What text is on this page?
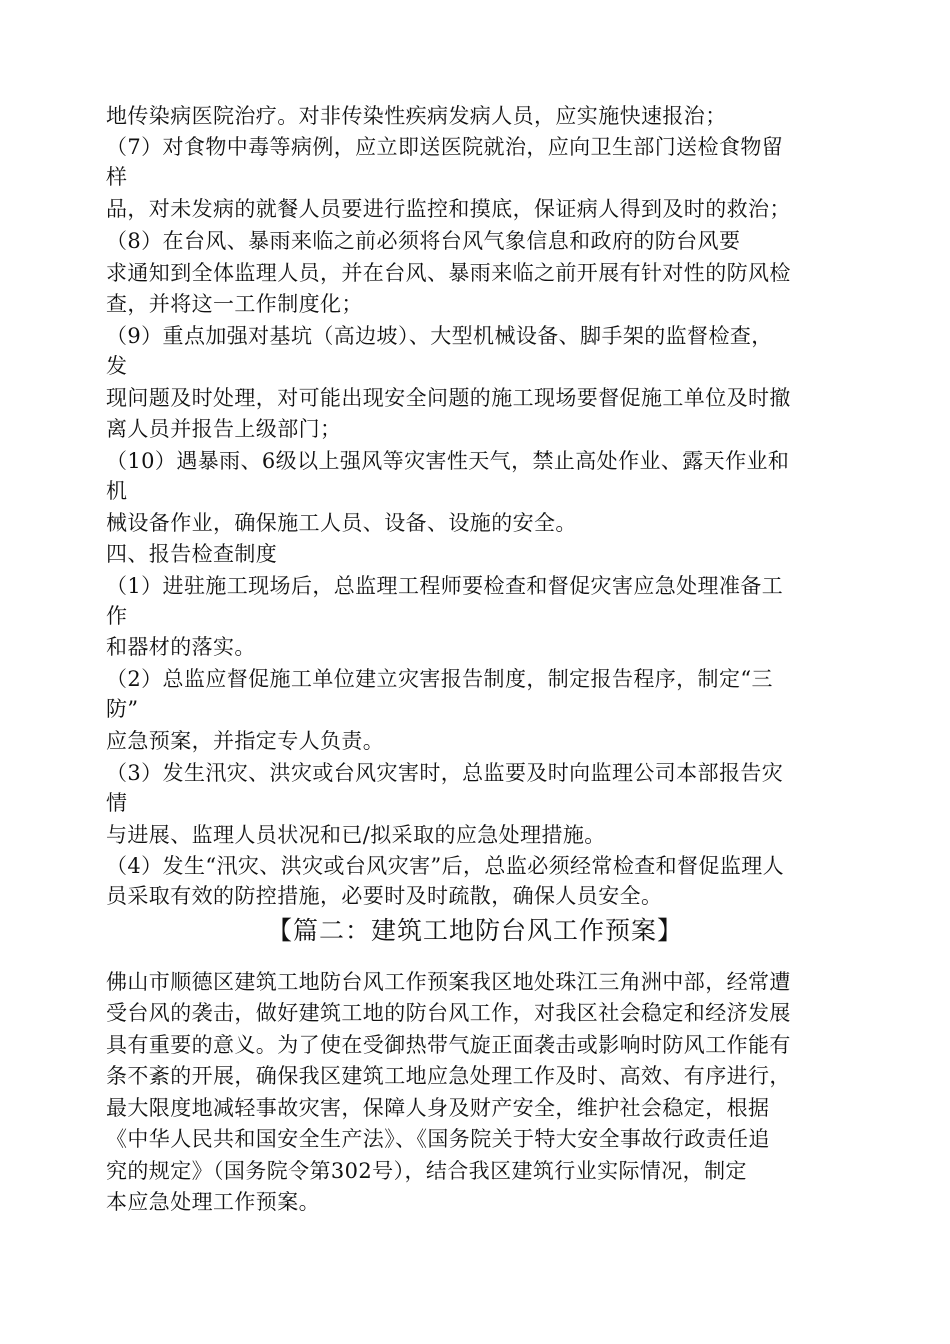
地传染病医院治疗。对非传染性疾病发病人员，应实施快速报治；
（7）对食物中毒等病例，应立即送医院就治，应向卫生部门送检食物留
样
品，对未发病的就餐人员要进行监控和摸底，保证病人得到及时的救治；
（8）在台风、暴雨来临之前必须将台风气象信息和政府的防台风要
求通知到全体监理人员，并在台风、暴雨来临之前开展有针对性的防风检
查，并将这一工作制度化；
（9）重点加强对基坑（高边坡）、大型机械设备、脚手架的监督检查，
发
现问题及时处理，对可能出现安全问题的施工现场要督促施工单位及时撤
离人员并报告上级部门；
（10）遇暴雨、6级以上强风等灾害性天气，禁止高处作业、露天作业和
机
械设备作业，确保施工人员、设备、设施的安全。
四、报告检查制度
（1）进驻施工现场后，总监理工程师要检查和督促灾害应急处理准备工
作
和器材的落实。
（2）总监应督促施工单位建立灾害报告制度，制定报告程序，制定“三
防”
应急预案，并指定专人负责。
（3）发生汛灾、洪灾或台风灾害时，总监要及时向监理公司本部报告灾
情
与进展、监理人员状况和已/拟采取的应急处理措施。
（4）发生“汛灾、洪灾或台风灾害”后，总监必须经常检查和督促监理人
员采取有效的防控措施，必要时及时疏散，确保人员安全。
【篇二：建筑工地防台风工作预案】
佛山市顺德区建筑工地防台风工作预案我区地处珠江三角洲中部，经常遭
受台风的袭击，做好建筑工地的防台风工作，对我区社会稳定和经济发展
具有重要的意义。为了使在受御热带气旋正面袭击或影响时防风工作能有
条不紊的开展，确保我区建筑工地应急处理工作及时、高效、有序进行，
最大限度地减轻事故灾害，保障人身及财产安全，维护社会稳定，根据
《中华人民共和国安全生产法》、《国务院关于特大安全事故行政责任追
究的规定》（国务院令第302号），结合我区建筑行业实际情况，制定
本应急处理工作预案。
